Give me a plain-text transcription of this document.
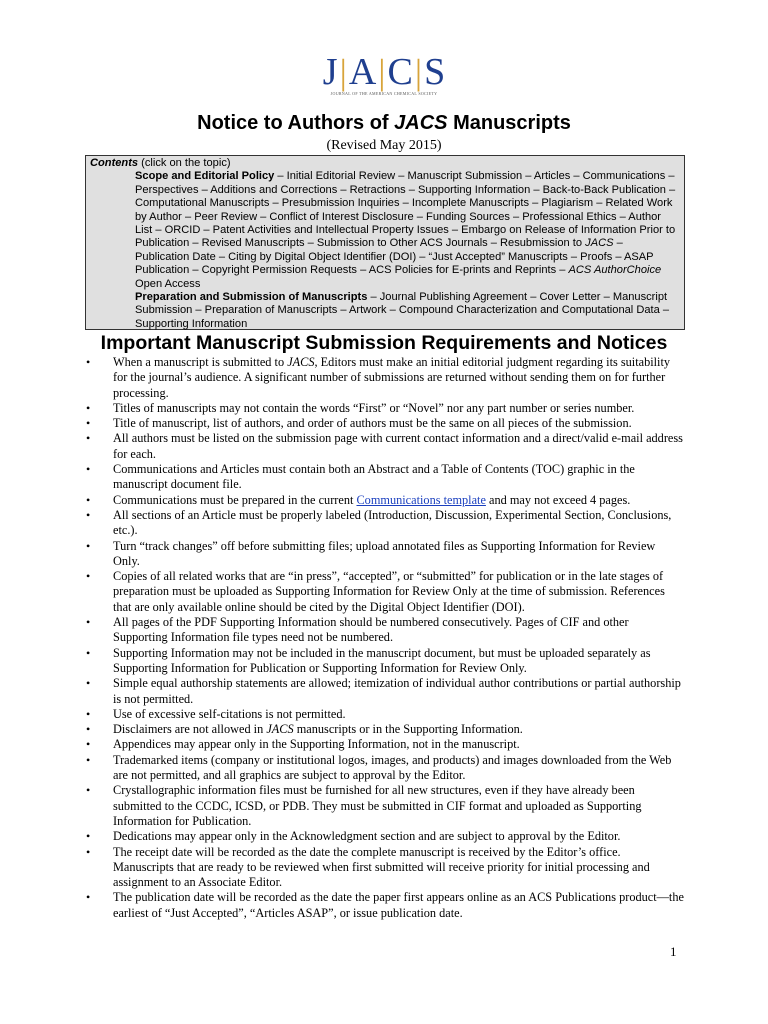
J|A|C|S
JOURNAL OF THE AMERICAN CHEMICAL SOCIETY
Notice to Authors of JACS Manuscripts
(Revised May 2015)

Contents (click on the topic)

Scope and Editorial Policy – Initial Editorial Review – Manuscript Submission – Articles – Communications – Perspectives – Additions and Corrections – Retractions – Supporting Information – Back-to-Back Publication – Computational Manuscripts – Presubmission Inquiries – Incomplete Manuscripts – Plagiarism – Related Work by Author – Peer Review – Conflict of Interest Disclosure – Funding Sources – Professional Ethics – Author List – ORCID – Patent Activities and Intellectual Property Issues – Embargo on Release of Information Prior to Publication – Revised Manuscripts – Submission to Other ACS Journals – Resubmission to JACS – Publication Date – Citing by Digital Object Identifier (DOI) – “Just Accepted” Manuscripts – Proofs – ASAP Publication – Copyright Permission Requests – ACS Policies for E-prints and Reprints – ACS AuthorChoice Open Access

Preparation and Submission of Manuscripts – Journal Publishing Agreement – Cover Letter – Manuscript Submission – Preparation of Manuscripts – Artwork – Compound Characterization and Computational Data – Supporting Information

Important Manuscript Submission Requirements and Notices
• When a manuscript is submitted to JACS, Editors must make an initial editorial judgment regarding its suitability for the journal’s audience. A significant number of submissions are returned without sending them on for further processing.
• Titles of manuscripts may not contain the words “First” or “Novel” nor any part number or series number.
• Title of manuscript, list of authors, and order of authors must be the same on all pieces of the submission.
• All authors must be listed on the submission page with current contact information and a direct/valid e-mail address for each.
• Communications and Articles must contain both an Abstract and a Table of Contents (TOC) graphic in the manuscript document file.
• Communications must be prepared in the current Communications template and may not exceed 4 pages.
• All sections of an Article must be properly labeled (Introduction, Discussion, Experimental Section, Conclusions, etc.).
• Turn “track changes” off before submitting files; upload annotated files as Supporting Information for Review Only.
• Copies of all related works that are “in press”, “accepted”, or “submitted” for publication or in the late stages of preparation must be uploaded as Supporting Information for Review Only at the time of submission. References that are only available online should be cited by the Digital Object Identifier (DOI).
• All pages of the PDF Supporting Information should be numbered consecutively. Pages of CIF and other Supporting Information file types need not be numbered.
• Supporting Information may not be included in the manuscript document, but must be uploaded separately as Supporting Information for Publication or Supporting Information for Review Only.
• Simple equal authorship statements are allowed; itemization of individual author contributions or partial authorship is not permitted.
• Use of excessive self-citations is not permitted.
• Disclaimers are not allowed in JACS manuscripts or in the Supporting Information.
• Appendices may appear only in the Supporting Information, not in the manuscript.
• Trademarked items (company or institutional logos, images, and products) and images downloaded from the Web are not permitted, and all graphics are subject to approval by the Editor.
• Crystallographic information files must be furnished for all new structures, even if they have already been submitted to the CCDC, ICSD, or PDB. They must be submitted in CIF format and uploaded as Supporting Information for Publication.
• Dedications may appear only in the Acknowledgment section and are subject to approval by the Editor.
• The receipt date will be recorded as the date the complete manuscript is received by the Editor’s office. Manuscripts that are ready to be reviewed when first submitted will receive priority for initial processing and assignment to an Associate Editor.
• The publication date will be recorded as the date the paper first appears online as an ACS Publications product—the earliest of “Just Accepted”, “Articles ASAP”, or issue publication date.
1
